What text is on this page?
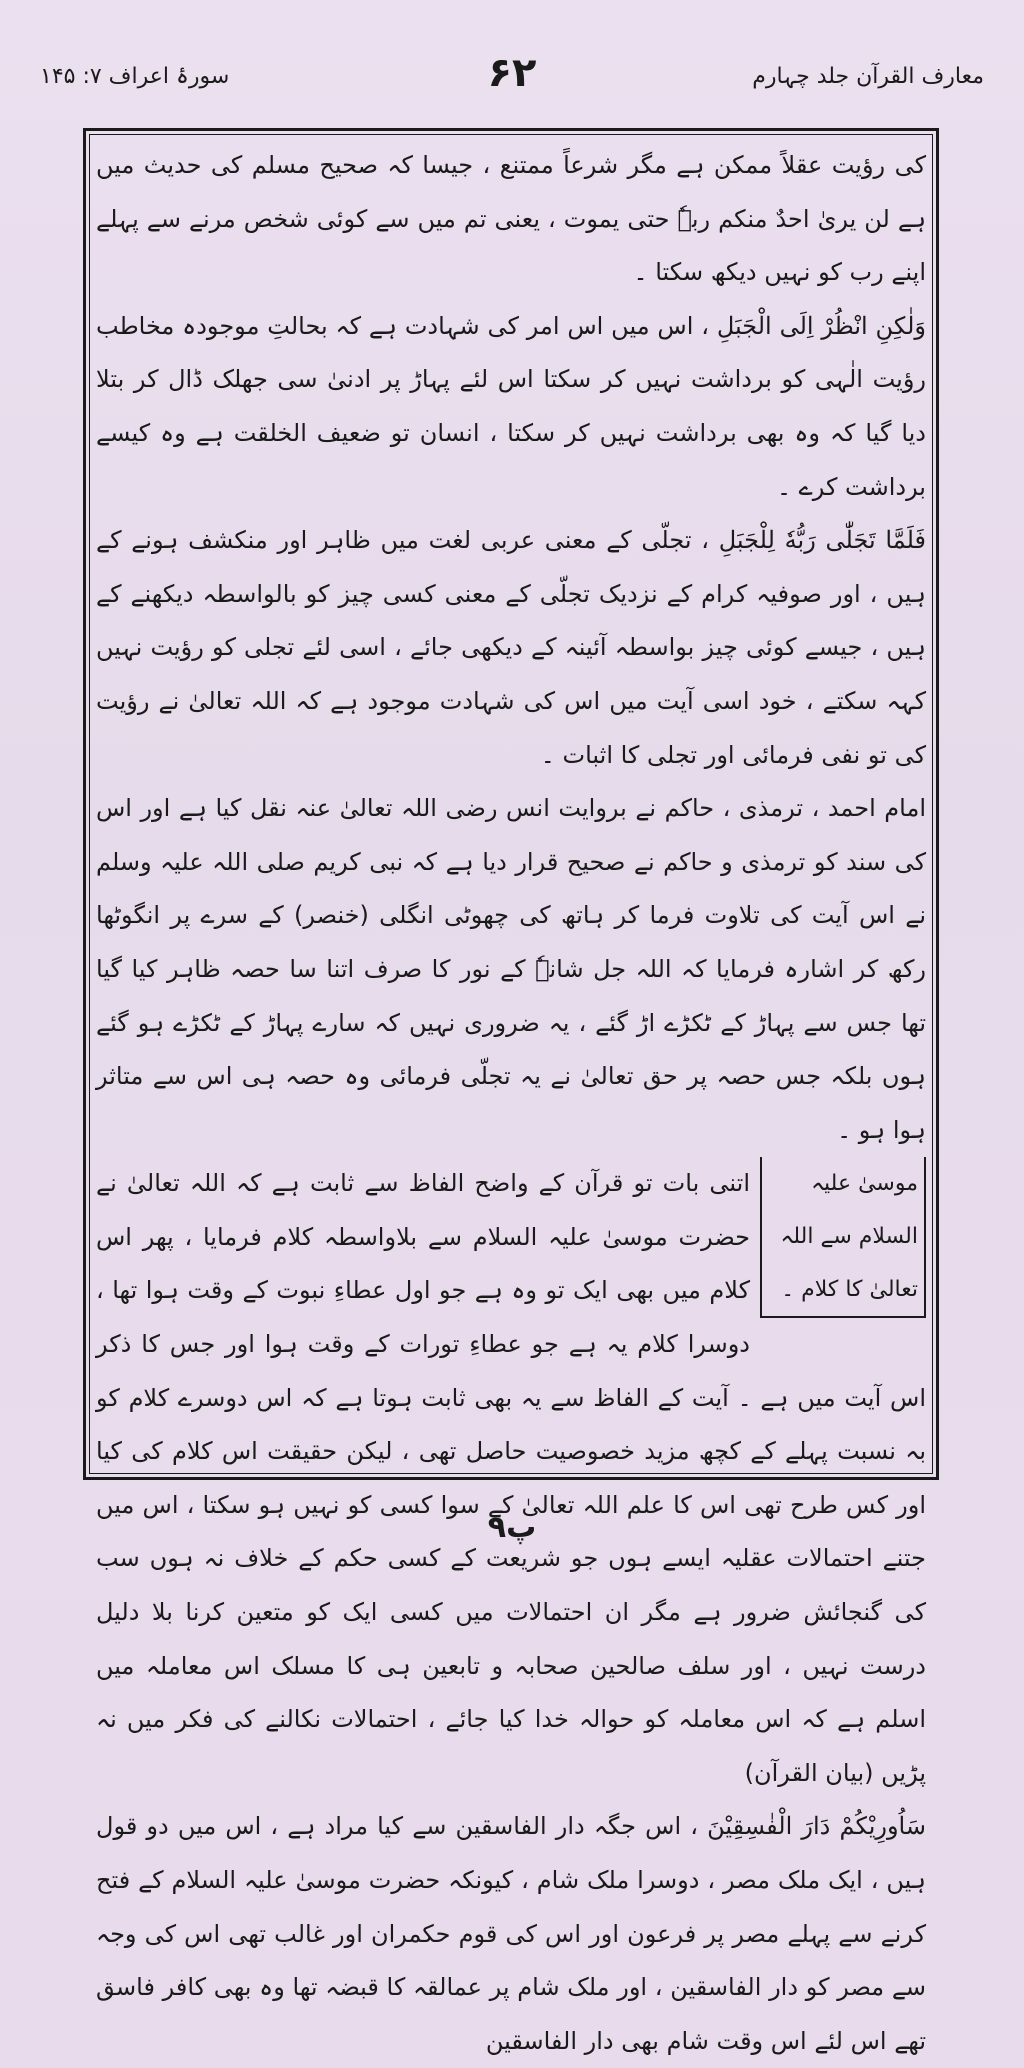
سورۂ اعراف ۷: ۱۴۵	۶۲	معارف القرآن جلد چہارم

کی رؤیت عقلاً ممکن ہے مگر شرعاً ممتنع ، جیسا کہ صحیح مسلم کی حدیث میں ہے لن یریٰ احدٌ منکم ربہٗ حتی یموت ، یعنی تم میں سے کوئی شخص مرنے سے پہلے اپنے رب کو نہیں دیکھ سکتا ۔

وَلٰكِنِ انْظُرْ اِلَى الْجَبَلِ ، اس میں اس امر کی شہادت ہے کہ بحالتِ موجودہ مخاطب رؤیت الٰہی کو برداشت نہیں کر سکتا اس لئے پہاڑ پر ادنیٰ سی جھلک ڈال کر بتلا دیا گیا کہ وہ بھی برداشت نہیں کر سکتا ، انسان تو ضعیف الخلقت ہے وہ کیسے برداشت کرے ۔

فَلَمَّا تَجَلّٰى رَبُّهٗ لِلْجَبَلِ ، تجلّی کے معنی عربی لغت میں ظاہر اور منکشف ہونے کے ہیں ، اور صوفیہ کرام کے نزدیک تجلّی کے معنی کسی چیز کو بالواسطہ دیکھنے کے ہیں ، جیسے کوئی چیز بواسطہ آئینہ کے دیکھی جائے ، اسی لئے تجلی کو رؤیت نہیں کہہ سکتے ، خود اسی آیت میں اس کی شہادت موجود ہے کہ اللہ تعالیٰ نے رؤیت کی تو نفی فرمائی اور تجلی کا اثبات ۔

امام احمد ، ترمذی ، حاکم نے بروایت انس رضی اللہ تعالیٰ عنہ نقل کیا ہے اور اس کی سند کو ترمذی و حاکم نے صحیح قرار دیا ہے کہ نبی کریم صلی اللہ علیہ وسلم نے اس آیت کی تلاوت فرما کر ہاتھ کی چھوٹی انگلی (خنصر) کے سرے پر انگوٹھا رکھ کر اشارہ فرمایا کہ اللہ جل شانہٗ کے نور کا صرف اتنا سا حصہ ظاہر کیا گیا تھا جس سے پہاڑ کے ٹکڑے اڑ گئے ، یہ ضروری نہیں کہ سارے پہاڑ کے ٹکڑے ہو گئے ہوں بلکہ جس حصہ پر حق تعالیٰ نے یہ تجلّی فرمائی وہ حصہ ہی اس سے متاثر ہوا ہو ۔

موسیٰ علیہ السلام سے اللہ تعالیٰ کا کلام ۔
اتنی بات تو قرآن کے واضح الفاظ سے ثابت ہے کہ اللہ تعالیٰ نے حضرت موسیٰ علیہ السلام سے بلاواسطہ کلام فرمایا ، پھر اس کلام میں بھی ایک تو وہ ہے جو اول عطاءِ نبوت کے وقت ہوا تھا ، دوسرا کلام یہ ہے جو عطاءِ تورات کے وقت ہوا اور جس کا ذکر اس آیت میں ہے ۔ آیت کے الفاظ سے یہ بھی ثابت ہوتا ہے کہ اس دوسرے کلام کو بہ نسبت پہلے کے کچھ مزید خصوصیت حاصل تھی ، لیکن حقیقت اس کلام کی کیا اور کس طرح تھی اس کا علم اللہ تعالیٰ کے سوا کسی کو نہیں ہو سکتا ، اس میں جتنے احتمالات عقلیہ ایسے ہوں جو شریعت کے کسی حکم کے خلاف نہ ہوں سب کی گنجائش ضرور ہے مگر ان احتمالات میں کسی ایک کو متعین کرنا بلا دلیل درست نہیں ، اور سلف صالحین صحابہ و تابعین ہی کا مسلک اس معاملہ میں اسلم ہے کہ اس معاملہ کو حوالہ خدا کیا جائے ، احتمالات نکالنے کی فکر میں نہ پڑیں (بیان القرآن)

سَاُورِيْكُمْ دَارَ الْفٰسِقِيْنَ ، اس جگہ دار الفاسقین سے کیا مراد ہے ، اس میں دو قول ہیں ، ایک ملک مصر ، دوسرا ملک شام ، کیونکہ حضرت موسیٰ علیہ السلام کے فتح کرنے سے پہلے مصر پر فرعون اور اس کی قوم حکمران اور غالب تھی اس کی وجہ سے مصر کو دار الفاسقین ، اور ملک شام پر عمالقہ کا قبضہ تھا وہ بھی کافر فاسق تھے اس لئے اس وقت شام بھی دار الفاسقین

۹پ
